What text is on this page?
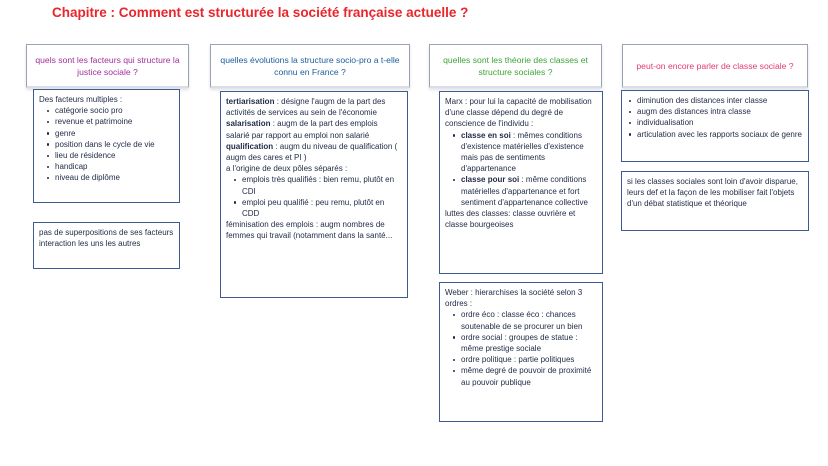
Chapitre : Comment est structurée la société française actuelle ?
quels sont les facteurs qui structure la justice sociale ?
Des facteurs multiples :
catégorie socio pro
revenue et patrimoine
genre
position dans le cycle de vie
lieu de résidence
handicap
niveau de diplôme
pas de superpositions de ses facteurs interaction les uns les autres
quelles évolutions la structure socio-pro a t-elle connu en France ?
tertiarisation : désigne l'augm de la part des activités de services au sein de l'économie
salarisation : augm de la part des emplois salarié par rapport au emploi non salarié
qualification : augm du niveau de qualification ( augm des cares et PI )
a l'origine de deux pôles séparés :
emplois très qualifiés : bien remu, plutôt en CDI
emploi peu qualifié : peu remu, plutôt en CDD
féminisation des emplois : augm nombres de femmes qui travail (notamment dans la santé...
quelles sont les théorie des classes et structure sociales ?
Marx : pour lui la capacité de mobilisation d'une classe dépend du degré de conscience de l'individu :
classe en soi : mêmes conditions d'existence matérielles d'existence mais pas de sentiments d'appartenance
classe pour soi : même conditions matérielles d'appartenance et fort sentiment d'appartenance collective
luttes des classes: classe ouvrière et classe bourgeoises
Weber : hierarchises la société selon 3 ordres :
ordre éco : classe éco : chances soutenable de se procurer un bien
ordre social : groupes de statue : même prestige sociale
ordre politique : partie politiques
même degré de pouvoir de proximité au pouvoir publique
peut-on encore parler de classe sociale ?
diminution des distances inter classe
augm des distances intra classe
individualisation
articulation avec les rapports sociaux de genre
si les classes sociales sont loin d'avoir disparue, leurs def et la façon de les mobiliser fait l'objets d'un débat statistique et théorique
